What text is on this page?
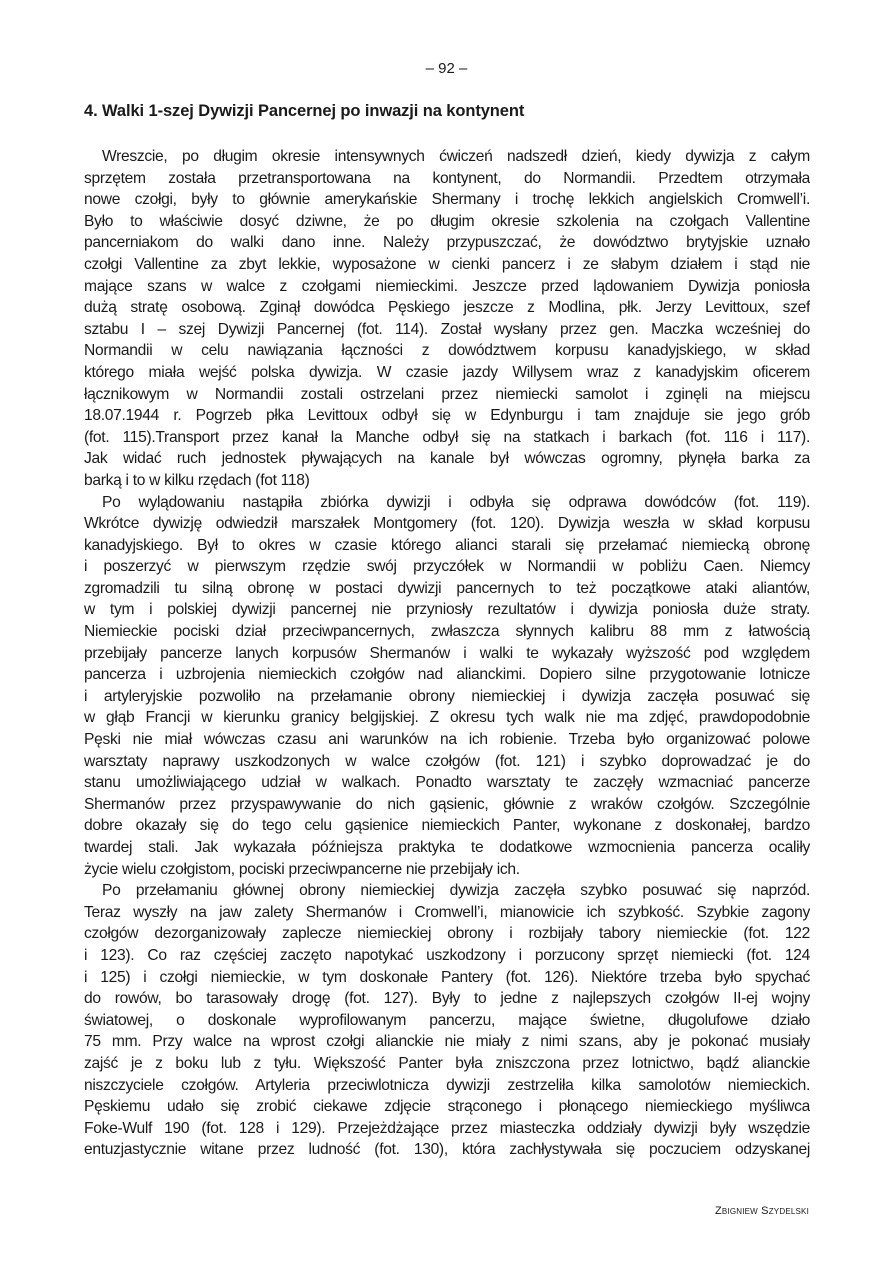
– 92 –
4. Walki 1-szej Dywizji Pancernej po inwazji na kontynent
Wreszcie, po długim okresie intensywnych ćwiczeń nadszedł dzień, kiedy dywizja z całym
sprzętem została przetransportowana na kontynent, do Normandii. Przedtem otrzymała
nowe czołgi, były to głównie amerykańskie Shermany i trochę lekkich angielskich Cromwell’i.
Było to właściwie dosyć dziwne, że po długim okresie szkolenia na czołgach Vallentine
pancerniakom do walki dano inne. Należy przypuszczać, że dowództwo brytyjskie uznało
czołgi Vallentine za zbyt lekkie, wyposażone w cienki pancerz i ze słabym działem i stąd nie
mające szans w walce z czołgami niemieckimi. Jeszcze przed lądowaniem Dywizja poniosła
dużą stratę osobową. Zginął dowódca Pęskiego jeszcze z Modlina, płk. Jerzy Levittoux, szef
sztabu I – szej Dywizji Pancernej (fot. 114). Został wysłany przez gen. Maczka wcześniej do
Normandii w celu nawiązania łączności z dowództwem korpusu kanadyjskiego, w skład
którego miała wejść polska dywizja. W czasie jazdy Willysem wraz z kanadyjskim oficerem
łącznikowym w Normandii zostali ostrzelani przez niemiecki samolot i zginęli na miejscu
18.07.1944 r. Pogrzeb płka Levittoux odbył się w Edynburgu i tam znajduje sie jego grób
(fot. 115).Transport przez kanał la Manche odbył się na statkach i barkach (fot. 116 i 117).
Jak widać ruch jednostek pływających na kanale był wówczas ogromny, płynęła barka za
barką i to w kilku rzędach (fot 118)
Po wylądowaniu nastąpiła zbiórka dywizji i odbyła się odprawa dowódców (fot. 119).
Wkrótce dywizję odwiedził marszałek Montgomery (fot. 120). Dywizja weszła w skład korpusu
kanadyjskiego. Był to okres w czasie którego alianci starali się przełamać niemiecką obronę
i poszerzyć w pierwszym rzędzie swój przyczółek w Normandii w pobliżu Caen. Niemcy
zgromadzili tu silną obronę w postaci dywizji pancernych to też początkowe ataki aliantów,
w tym i polskiej dywizji pancernej nie przyniosły rezultatów i dywizja poniosła duże straty.
Niemieckie pociski dział przeciwpancernych, zwłaszcza słynnych kalibru 88 mm z łatwością
przebijały pancerze lanych korpusów Shermanów i walki te wykazały wyższość pod względem
pancerza i uzbrojenia niemieckich czołgów nad alianckimi. Dopiero silne przygotowanie lotnicze
i artyleryjskie pozwoliło na przełamanie obrony niemieckiej i dywizja zaczęła posuwać się
w głąb Francji w kierunku granicy belgijskiej. Z okresu tych walk nie ma zdjęć, prawdopodobnie
Pęski nie miał wówczas czasu ani warunków na ich robienie. Trzeba było organizować polowe
warsztaty naprawy uszkodzonych w walce czołgów (fot. 121) i szybko doprowadzać je do
stanu umożliwiającego udział w walkach. Ponadto warsztaty te zaczęły wzmacniać pancerze
Shermanów przez przyspawywanie do nich gąsienic, głównie z wraków czołgów. Szczególnie
dobre okazały się do tego celu gąsienice niemieckich Panter, wykonane z doskonałej, bardzo
twardej stali. Jak wykazała późniejsza praktyka te dodatkowe wzmocnienia pancerza ocaliły
życie wielu czołgistom, pociski przeciwpancerne nie przebijały ich.
Po przełamaniu głównej obrony niemieckiej dywizja zaczęła szybko posuwać się naprzód.
Teraz wyszły na jaw zalety Shermanów i Cromwell’i, mianowicie ich szybkość. Szybkie zagony
czołgów dezorganizowały zaplecze niemieckiej obrony i rozbijały tabory niemieckie (fot. 122
i 123). Co raz częściej zaczęto napotykać uszkodzony i porzucony sprzęt niemiecki (fot. 124
i 125) i czołgi niemieckie, w tym doskonałe Pantery (fot. 126). Niektóre trzeba było spychać
do rowów, bo tarasowały drogę (fot. 127). Były to jedne z najlepszych czołgów II-ej wojny
światowej, o doskonale wyprofilowanym pancerzu, mające świetne, długolufowe działo
75 mm. Przy walce na wprost czołgi alianckie nie miały z nimi szans, aby je pokonać musiały
zajść je z boku lub z tyłu. Większość Panter była zniszczona przez lotnictwo, bądź alianckie
niszczyciele czołgów. Artyleria przeciwlotnicza dywizji zestrzeliła kilka samolotów niemieckich.
Pęskiemu udało się zrobić ciekawe zdjęcie strąconego i płonącego niemieckiego myśliwca
Foke-Wulf 190 (fot. 128 i 129). Przejeżdżające przez miasteczka oddziały dywizji były wszędzie
entuzjastycznie witane przez ludność (fot. 130), która zachłystywała się poczuciem odzyskanej
Zbigniew Szydelski
